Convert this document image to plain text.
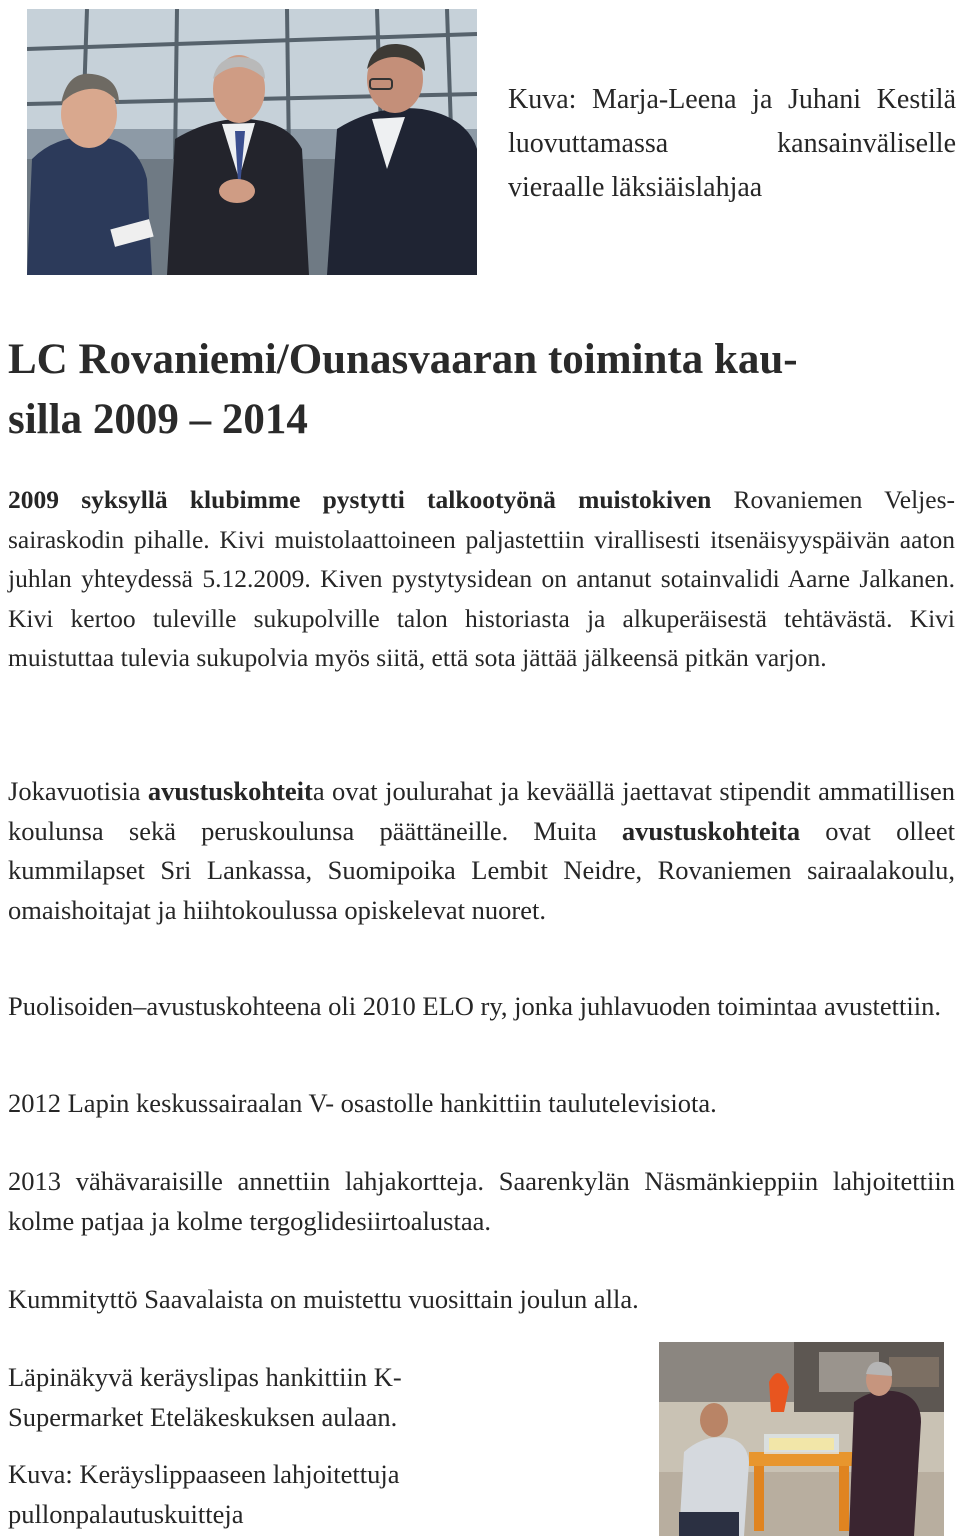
Kuva: Marja-Leena ja Juhani Kestilä luovuttamassa kansainväliselle vieraalle läksiäislahjaa
LC Rovaniemi/Ounasvaaran toiminta kau-
silla 2009 – 2014

2009 syksyllä klubimme pystytti talkootyönä muistokiven Rovaniemen Veljes-sairaskodin pihalle. Kivi muistolaattoineen paljastettiin virallisesti itsenäisyyspäivän aaton juhlan yhteydessä 5.12.2009. Kiven pystytysidean on antanut sotainvalidi Aarne Jalkanen. Kivi kertoo tuleville sukupolville talon historiasta ja alkuperäisestä tehtävästä. Kivi muistuttaa tulevia sukupolvia myös siitä, että sota jättää jälkeensä pitkän varjon.

Jokavuotisia avustuskohteita ovat joulurahat ja keväällä jaettavat stipendit ammatillisen koulunsa sekä peruskoulunsa päättäneille. Muita avustuskohteita ovat olleet kummilapset Sri Lankassa, Suomipoika Lembit Neidre, Rovaniemen sairaalakoulu, omaishoitajat ja hiihtokoulussa opiskelevat nuoret.

Puolisoiden–avustuskohteena oli 2010 ELO ry, jonka juhlavuoden toimintaa avustettiin.

2012 Lapin keskussairaalan V- osastolle hankittiin taulutelevisiota.

2013 vähävaraisille annettiin lahjakortteja. Saarenkylän Näsmänkieppiin lahjoitettiin kolme patjaa ja kolme tergoglidesiirtoalustaa.

Kummityttö Saavalaista on muistettu vuosittain joulun alla.

Läpinäkyvä keräyslipas hankittiin K-Supermarket Eteläkeskuksen aulaan.

Kuva: Keräyslippaaseen lahjoitettuja pullonpalautuskuitteja
